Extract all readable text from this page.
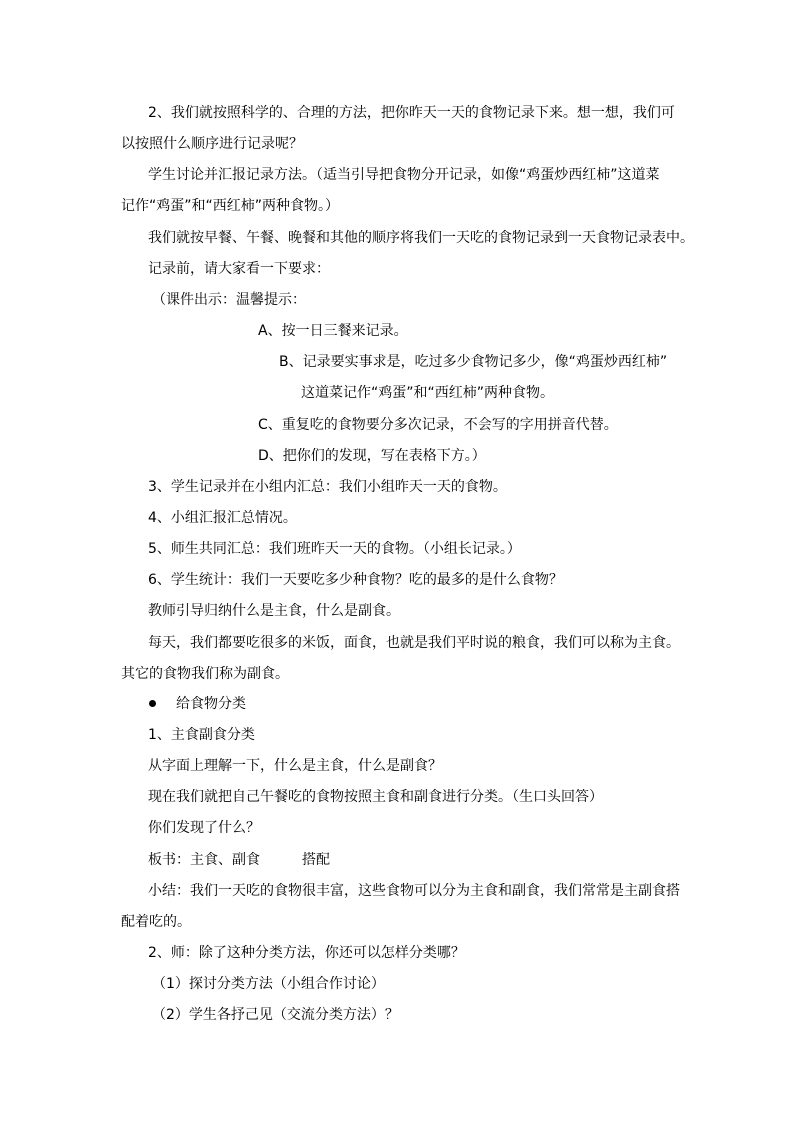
2、我们就按照科学的、合理的方法，把你昨天一天的食物记录下来。想一想，我们可
以按照什么顺序进行记录呢？
学生讨论并汇报记录方法。（适当引导把食物分开记录，如像“鸡蛋炒西红柿”这道菜
记作“鸡蛋”和“西红柿”两种食物。）
我们就按早餐、午餐、晚餐和其他的顺序将我们一天吃的食物记录到一天食物记录表中。
记录前，请大家看一下要求：
（课件出示：温馨提示：
A、按一日三餐来记录。
B、记录要实事求是，吃过多少食物记多少，像“鸡蛋炒西红柿”
这道菜记作“鸡蛋”和“西红柿”两种食物。
C、重复吃的食物要分多次记录，不会写的字用拼音代替。
D、把你们的发现，写在表格下方。）
3、学生记录并在小组内汇总：我们小组昨天一天的食物。
4、小组汇报汇总情况。
5、师生共同汇总：我们班昨天一天的食物。（小组长记录。）
6、学生统计：我们一天要吃多少种食物？吃的最多的是什么食物？
教师引导归纳什么是主食，什么是副食。
每天，我们都要吃很多的米饭，面食，也就是我们平时说的粮食，我们可以称为主食。
其它的食物我们称为副食。
给食物分类
1、主食副食分类
从字面上理解一下，什么是主食，什么是副食？
现在我们就把自己午餐吃的食物按照主食和副食进行分类。（生口头回答）
你们发现了什么？
板书：主食、副食	搭配
小结：我们一天吃的食物很丰富，这些食物可以分为主食和副食，我们常常是主副食搭
配着吃的。
2、师：除了这种分类方法，你还可以怎样分类哪？
（1）探讨分类方法（小组合作讨论）
（2）学生各抒己见（交流分类方法）？
